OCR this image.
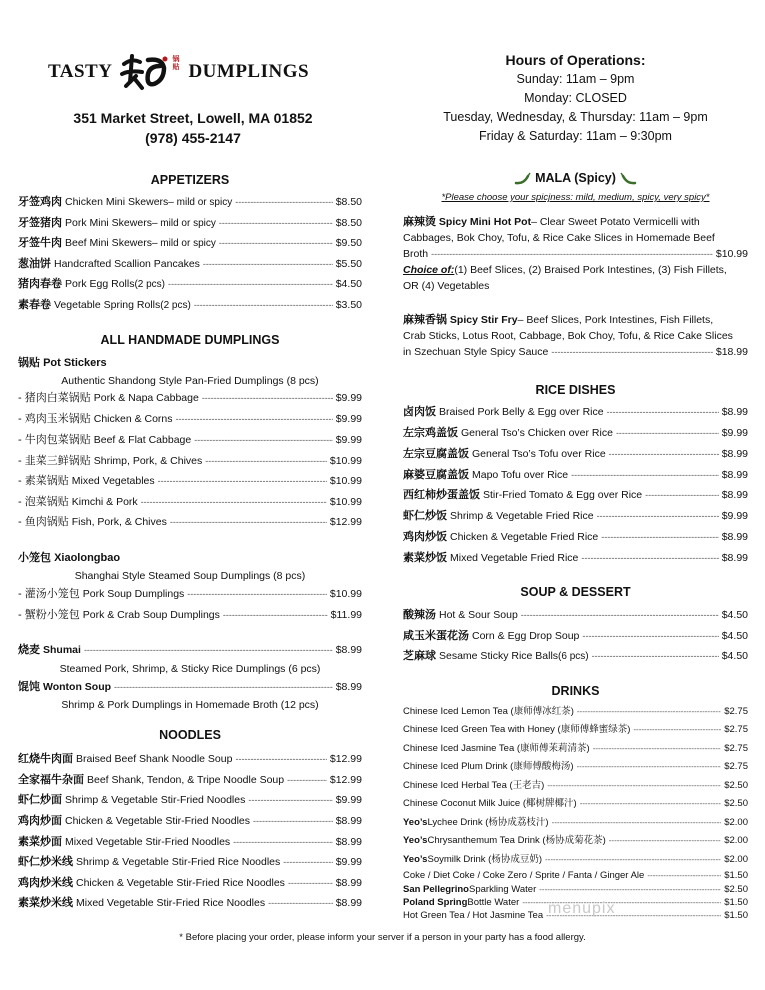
TASTY
锅贴 DUMPLINGS
351 Market Street, Lowell, MA 01852
(978) 455-2147
Hours of Operations:
Sunday: 11am – 9pm
Monday: CLOSED
Tuesday, Wednesday, & Thursday: 11am – 9pm
Friday & Saturday: 11am – 9:30pm
APPETIZERS
牙签鸡肉 Chicken Mini Skewers – mild or spicy -----	$8.50
牙签猪肉 Pork Mini Skewers – mild or spicy -----	$8.50
牙签牛肉 Beef Mini Skewers – mild or spicy -----	$9.50
葱油饼 Handcrafted Scallion Pancakes -----	$5.50
猪肉春卷 Pork Egg Rolls (2 pcs) -----	$4.50
素春卷 Vegetable Spring Rolls (2 pcs) -----	$3.50
ALL HANDMADE DUMPLINGS
锅贴 Pot Stickers
Authentic Shandong Style Pan-Fried Dumplings (8 pcs)
- 猪肉白菜锅贴 Pork & Napa Cabbage -----	$9.99
- 鸡肉玉米锅贴 Chicken & Corns -----	$9.99
- 牛肉包菜锅贴 Beef & Flat Cabbage -----	$9.99
- 韭菜三鲜锅贴 Shrimp, Pork, & Chives -----	$10.99
- 素菜锅贴 Mixed Vegetables -----	$10.99
- 泡菜锅贴 Kimchi & Pork -----	$10.99
- 鱼肉锅贴 Fish, Pork, & Chives -----	$12.99
小笼包 Xiaolongbao
Shanghai Style Steamed Soup Dumplings (8 pcs)
- 灌汤小笼包 Pork Soup Dumplings -----	$10.99
- 蟹粉小笼包 Pork & Crab Soup Dumplings -----	$11.99
烧麦 Shumai -----	$8.99
Steamed Pork, Shrimp, & Sticky Rice Dumplings (6 pcs)
馄饨 Wonton Soup -----	$8.99
Shrimp & Pork Dumplings in Homemade Broth (12 pcs)
NOODLES
红烧牛肉面 Braised Beef Shank Noodle Soup -----	$12.99
全家福牛杂面 Beef Shank, Tendon, & Tripe Noodle Soup -----	$12.99
虾仁炒面 Shrimp & Vegetable Stir-Fried Noodles -----	$9.99
鸡肉炒面 Chicken & Vegetable Stir-Fried Noodles -----	$8.99
素菜炒面 Mixed Vegetable Stir-Fried Noodles -----	$8.99
虾仁炒米线 Shrimp & Vegetable Stir-Fried Rice Noodles -----	$9.99
鸡肉炒米线 Chicken & Vegetable Stir-Fried Rice Noodles -----	$8.99
素菜炒米线 Mixed Vegetable Stir-Fried Rice Noodles -----	$8.99
MALA (Spicy)
*Please choose your spicjness: mild, medium, spicy, very spicy*
麻辣烫
Spicy Mini Hot Pot – Clear Sweet Potato Vermicelli with
Cabbages, Bok Choy, Tofu, & Rice Cake Slices in Homemade Beef
Broth -----	$10.99
Choice of: (1) Beef Slices, (2) Braised Pork Intestines, (3) Fish Fillets,
OR (4) Vegetables
麻辣香锅
Spicy Stir Fry – Beef Slices, Pork Intestines, Fish Fillets,
Crab Sticks, Lotus Root, Cabbage, Bok Choy, Tofu, & Rice Cake Slices
in Szechuan Style Spicy Sauce -----	$18.99
RICE DISHES
卤肉饭 Braised Pork Belly & Egg over Rice -----	$8.99
左宗鸡盖饭 General Tso’s Chicken over Rice -----	$9.99
左宗豆腐盖饭 General Tso’s Tofu over Rice -----	$8.99
麻婆豆腐盖饭 Mapo Tofu over Rice -----	$8.99
西红柿炒蛋盖饭 Stir-Fried Tomato & Egg over Rice -----	$8.99
虾仁炒饭 Shrimp & Vegetable Fried Rice -----	$9.99
鸡肉炒饭 Chicken & Vegetable Fried Rice -----	$8.99
素菜炒饭 Mixed Vegetable Fried Rice -----	$8.99
SOUP & DESSERT
酸辣汤 Hot & Sour Soup -----	$4.50
咸玉米蛋花汤 Corn & Egg Drop Soup -----	$4.50
芝麻球 Sesame Sticky Rice Balls (6 pcs) -----	$4.50
DRINKS
Chinese Iced Lemon Tea (康师傅冰红茶) -----	$2.75
Chinese Iced Green Tea with Honey (康师傅蜂蜜绿茶) -----	$2.75
Chinese Iced Jasmine Tea (康师傅茉莉清茶) -----	$2.75
Chinese Iced Plum Drink (康师傅酸梅汤) -----	$2.75
Chinese Iced Herbal Tea (王老吉) -----	$2.50
Chinese Coconut Milk Juice (椰树牌椰汁) -----	$2.50
Yeo’s Lychee Drink (杨协成荔枝汁) -----	$2.00
Yeo’s Chrysanthemum Tea Drink (杨协成菊花茶) -----	$2.00
Yeo’s Soymilk Drink (杨协成豆奶) -----	$2.00
Coke / Diet Coke / Coke Zero / Sprite / Fanta / Ginger Ale -----	$1.50
San Pellegrino Sparkling Water -----	$2.50
Poland Spring Bottle Water -----	$1.50
Hot Green Tea / Hot Jasmine Tea -----	$1.50
menupix
* Before placing your order, please inform your server if a person in your party has a food allergy.
